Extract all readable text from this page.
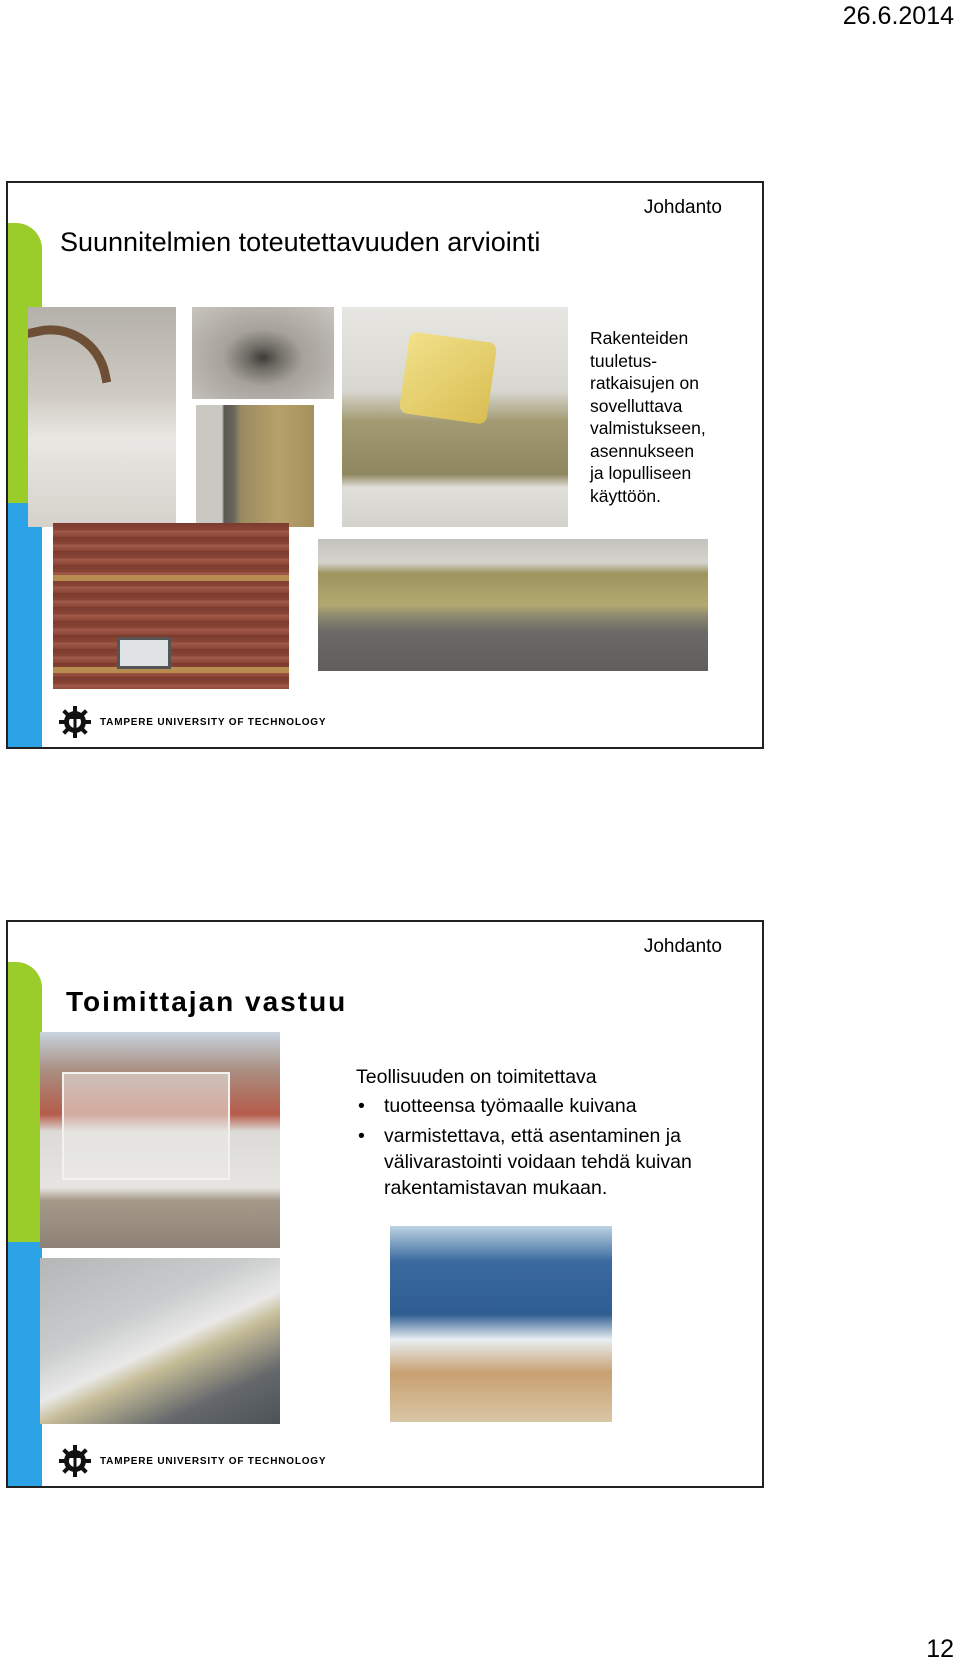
26.6.2014
Johdanto
Suunnitelmien toteutettavuuden arviointi
Rakenteiden
tuuletus-
ratkaisujen on
sovelluttava
valmistukseen,
asennukseen
ja lopulliseen
käyttöön.
TAMPERE UNIVERSITY OF TECHNOLOGY
Johdanto
Toimittajan vastuu
Teollisuuden on toimitettava
• tuotteensa työmaalle kuivana
• varmistettava, että asentaminen ja välivarastointi voidaan tehdä kuivan rakentamistavan mukaan.
TAMPERE UNIVERSITY OF TECHNOLOGY
12
